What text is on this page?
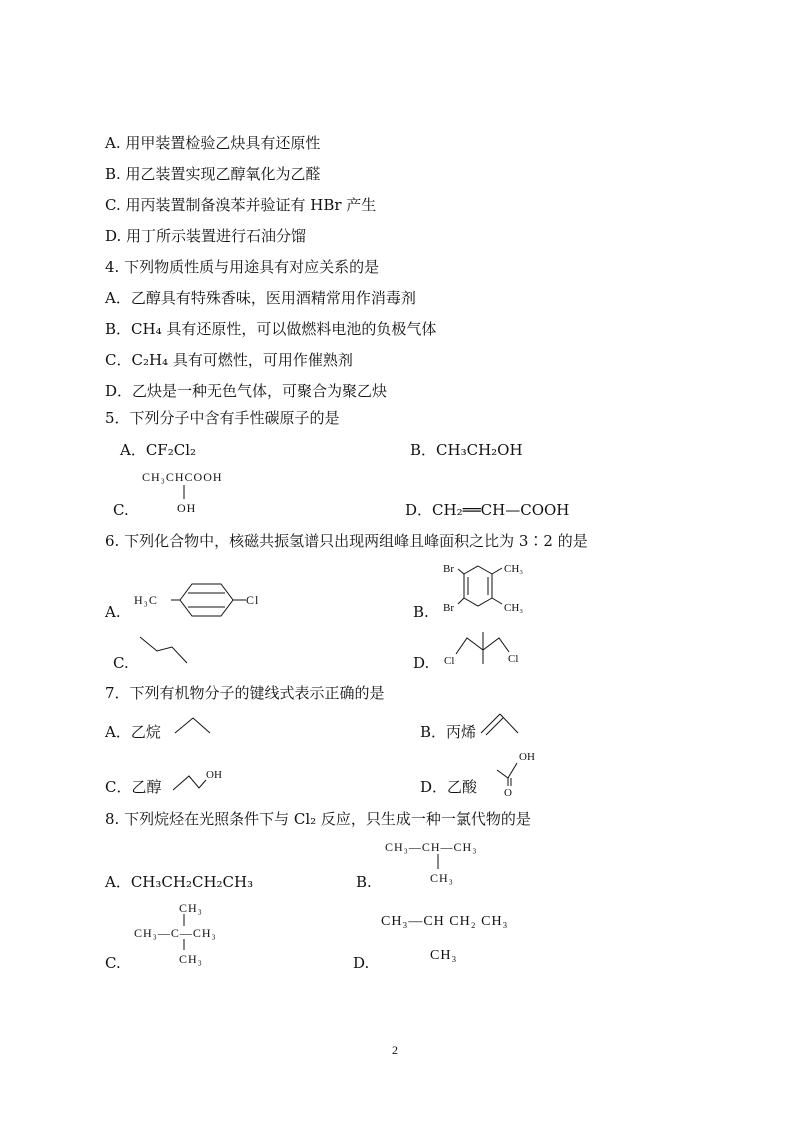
A. 用甲装置检验乙炔具有还原性
B. 用乙装置实现乙醇氧化为乙醛
C. 用丙装置制备溴苯并验证有 HBr 产生
D. 用丁所示装置进行石油分馏
4. 下列物质性质与用途具有对应关系的是
A．乙醇具有特殊香味，医用酒精常用作消毒剂
B．CH₄ 具有还原性，可以做燃料电池的负极气体
C．C₂H₄ 具有可燃性，可用作催熟剂
D．乙炔是一种无色气体，可聚合为聚乙炔
5．下列分子中含有手性碳原子的是
A．CF₂Cl₂	B．CH₃CH₂OH
C.
CH₃CHCOOH
OH	D．CH₂══CH—COOH
6. 下列化合物中，核磁共振氢谱只出现两组峰且峰面积之比为 3∶2 的是
A.
H₃C	Cl
B.
Br
Br
CH₃
CH₃
C.	D. Cl	Cl
7．下列有机物分子的键线式表示正确的是
A．乙烷	B．丙烯
C．乙醇
OH
D．乙酸
OH
O
8. 下列烷烃在光照条件下与 Cl₂ 反应，只生成一种一氯代物的是
A．CH₃CH₂CH₂CH₃	B.
CH₃—CH—CH₃
CH₃
C.
CH₃
CH₃—C—CH₃
CH₃	D.
CH₃—CH CH₂ CH₃
CH₃
2
